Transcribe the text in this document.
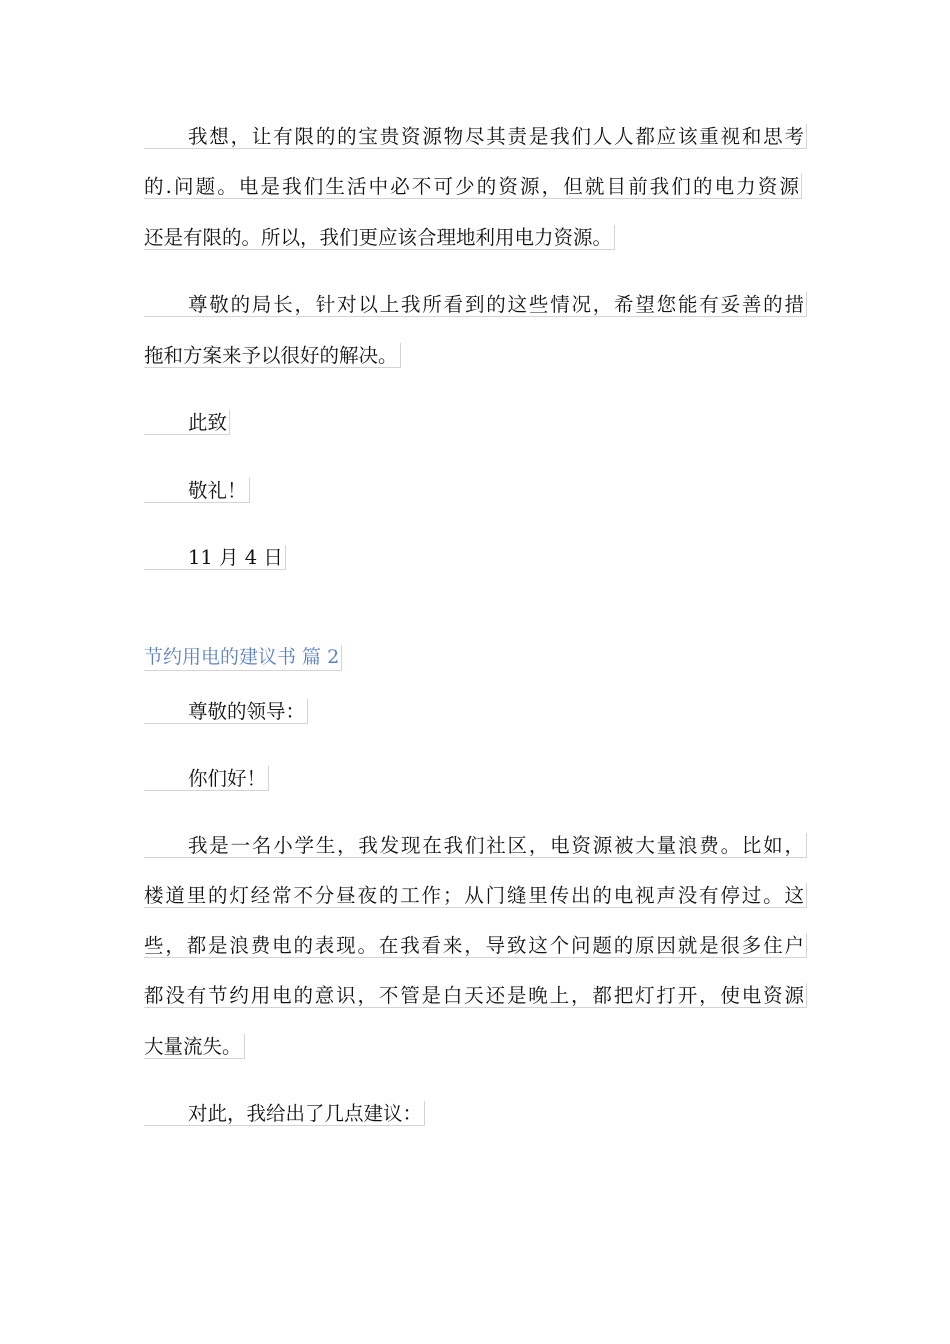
我想，让有限的的宝贵资源物尽其责是我们人人都应该重视和思考
的.问题。电是我们生活中必不可少的资源，但就目前我们的电力资源
还是有限的。所以，我们更应该合理地利用电力资源。
尊敬的局长，针对以上我所看到的这些情况，希望您能有妥善的措
拖和方案来予以很好的解决。
此致
敬礼！
11 月 4 日
节约用电的建议书 篇 2
尊敬的领导：
你们好！
我是一名小学生，我发现在我们社区，电资源被大量浪费。比如，
楼道里的灯经常不分昼夜的工作；从门缝里传出的电视声没有停过。这
些，都是浪费电的表现。在我看来，导致这个问题的原因就是很多住户
都没有节约用电的意识，不管是白天还是晚上，都把灯打开，使电资源
大量流失。
对此，我给出了几点建议：
